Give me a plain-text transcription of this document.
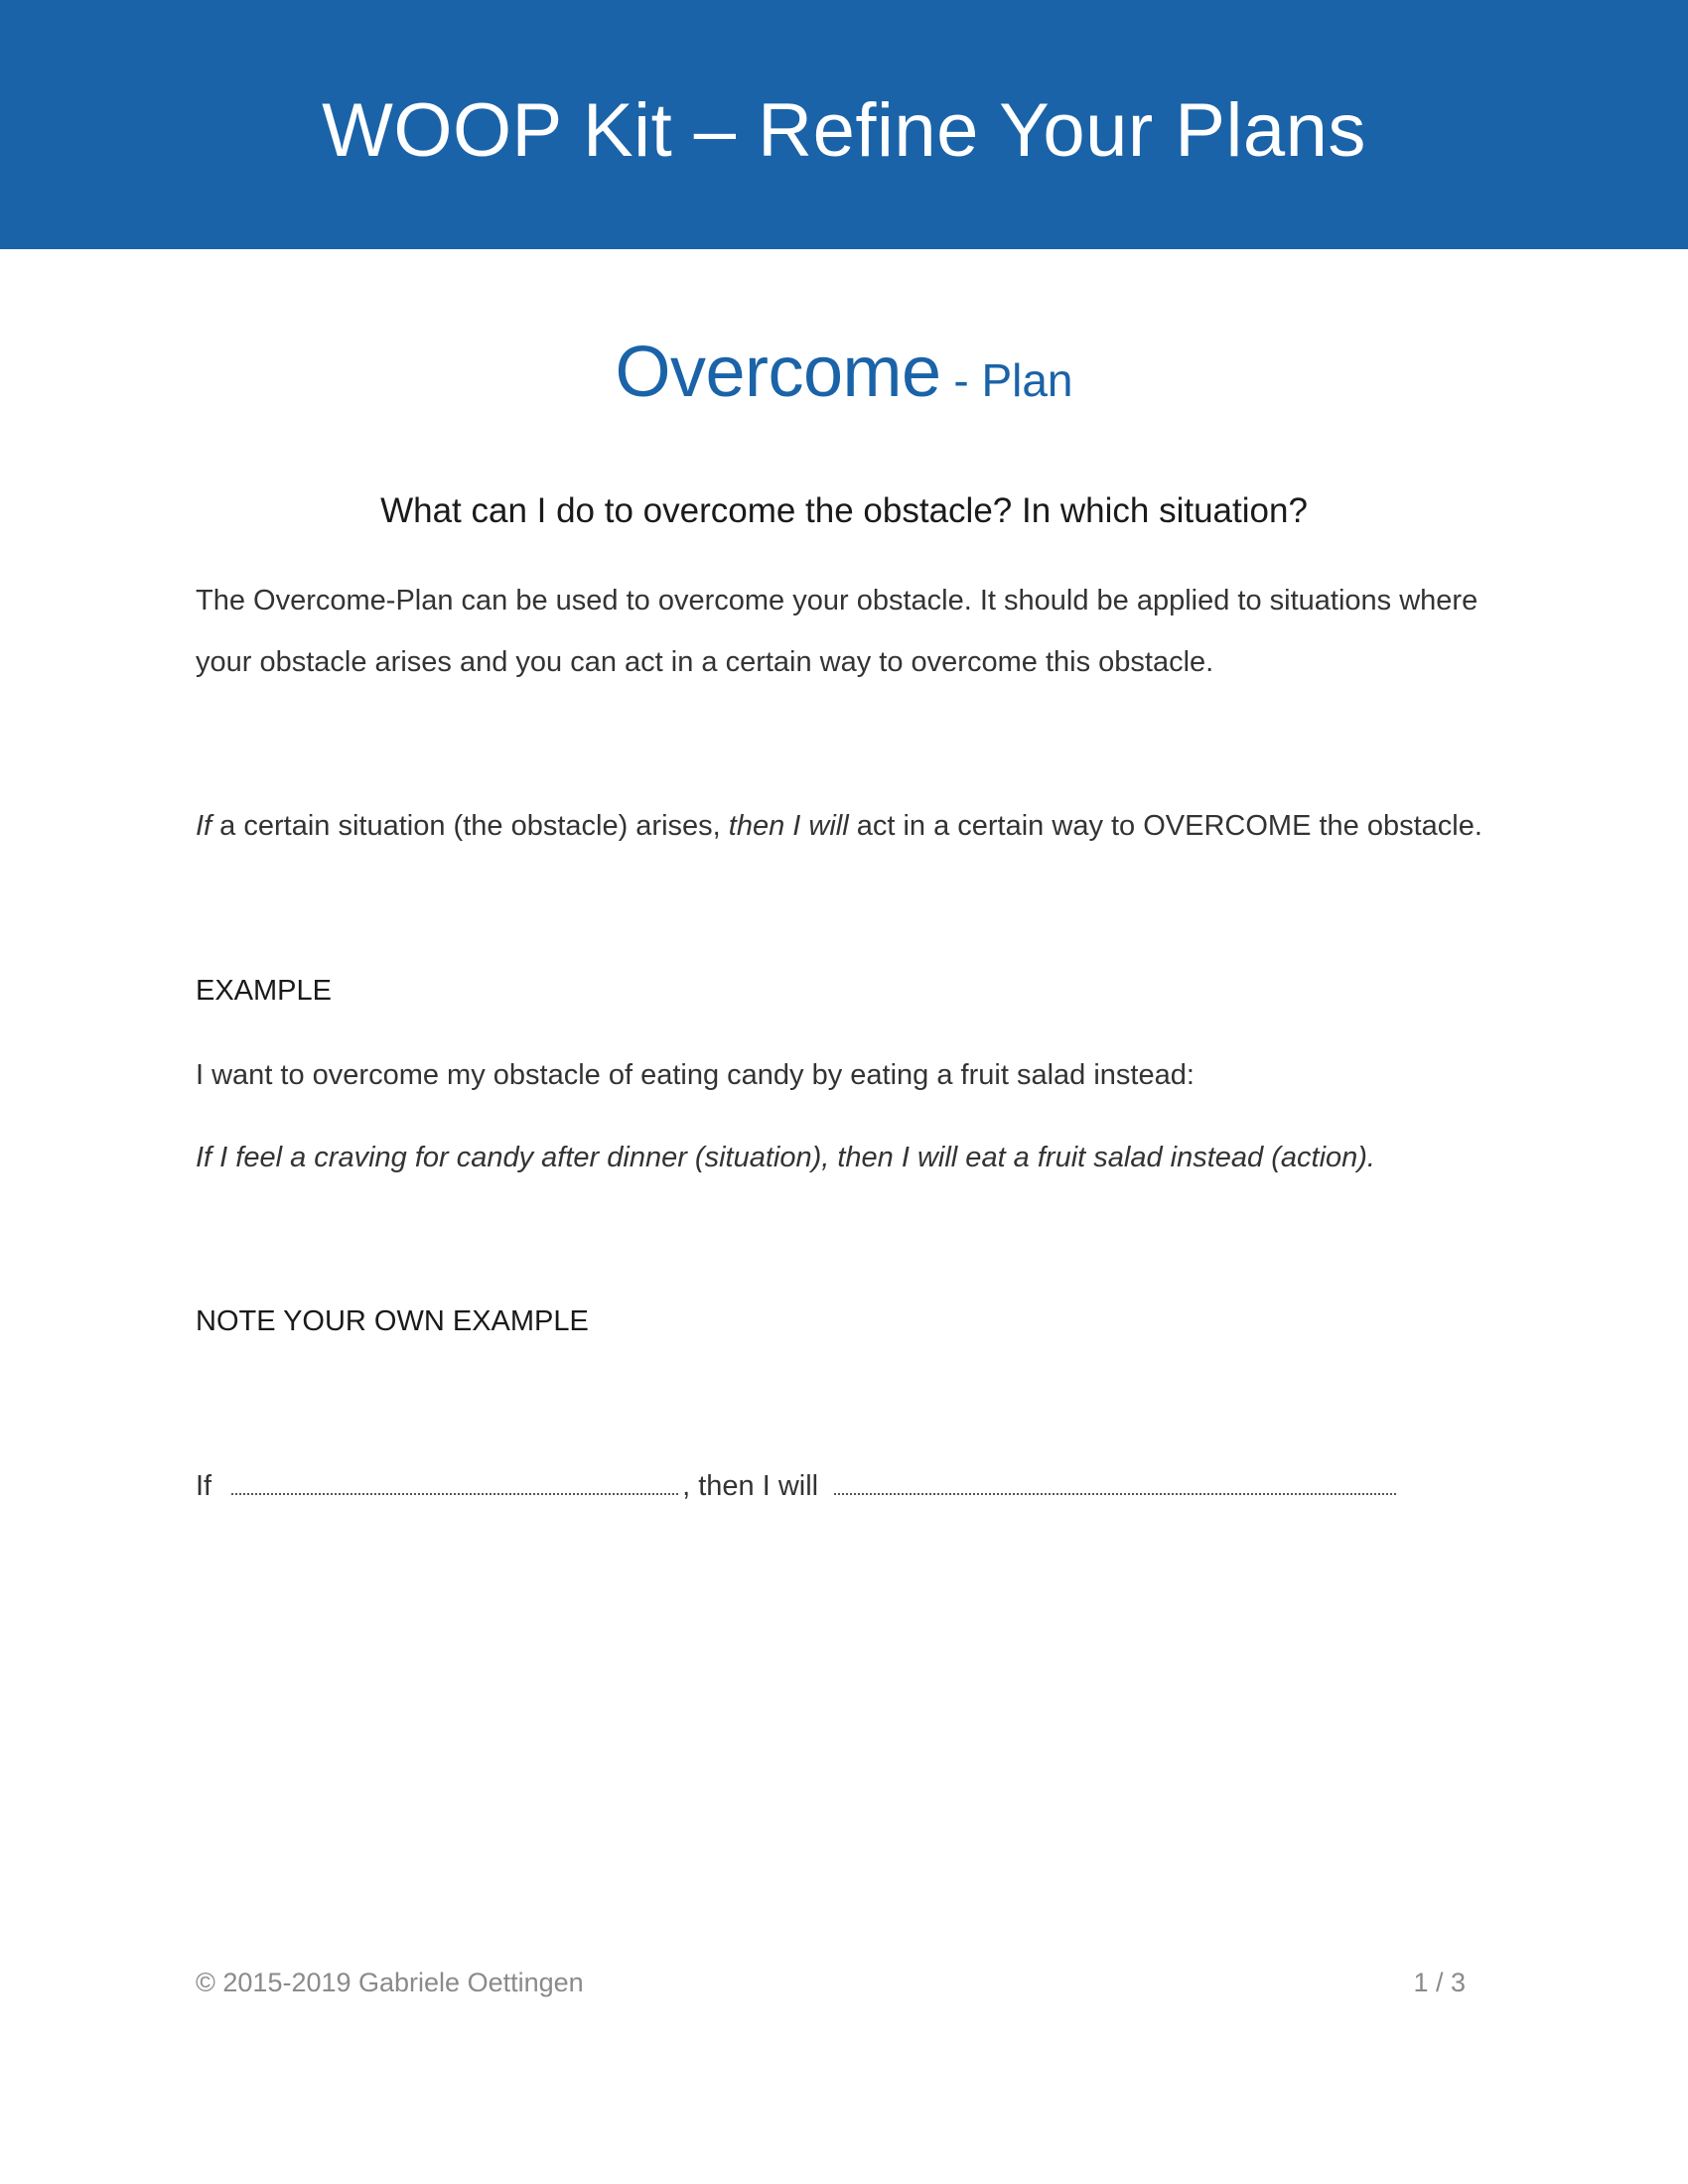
WOOP Kit – Refine Your Plans
Overcome - Plan
What can I do to overcome the obstacle? In which situation?
The Overcome-Plan can be used to overcome your obstacle. It should be applied to situations where your obstacle arises and you can act in a certain way to overcome this obstacle.
If a certain situation (the obstacle) arises, then I will act in a certain way to OVERCOME the obstacle.
EXAMPLE
I want to overcome my obstacle of eating candy by eating a fruit salad instead:
If I feel a craving for candy after dinner (situation), then I will eat a fruit salad instead (action).
NOTE YOUR OWN EXAMPLE
If	, then I will
© 2015-2019 Gabriele Oettingen	1 / 3
